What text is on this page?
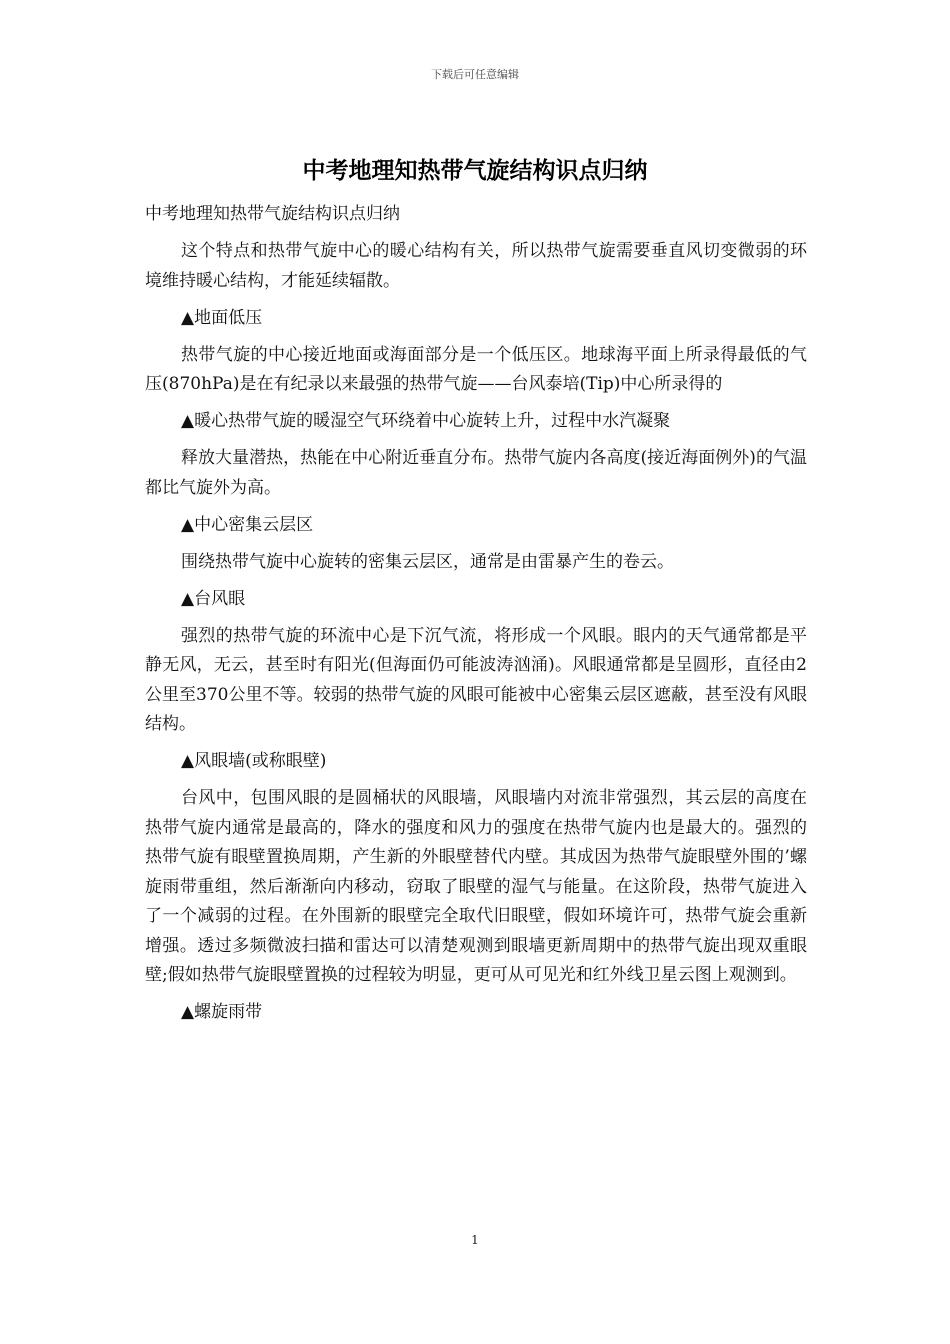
下载后可任意编辑
中考地理知热带气旋结构识点归纳

中考地理知热带气旋结构识点归纳

这个特点和热带气旋中心的暖心结构有关，所以热带气旋需要垂直风切变微弱的环境维持暖心结构，才能延续辐散。

▲地面低压

热带气旋的中心接近地面或海面部分是一个低压区。地球海平面上所录得最低的气压(870hPa)是在有纪录以来最强的热带气旋——台风泰培(Tip)中心所录得的

▲暖心热带气旋的暖湿空气环绕着中心旋转上升，过程中水汽凝聚

释放大量潜热，热能在中心附近垂直分布。热带气旋内各高度(接近海面例外)的气温都比气旋外为高。

▲中心密集云层区

围绕热带气旋中心旋转的密集云层区，通常是由雷暴产生的卷云。

▲台风眼

强烈的热带气旋的环流中心是下沉气流，将形成一个风眼。眼内的天气通常都是平静无风，无云，甚至时有阳光(但海面仍可能波涛汹涌)。风眼通常都是呈圆形，直径由2公里至370公里不等。较弱的热带气旋的风眼可能被中心密集云层区遮蔽，甚至没有风眼结构。

▲风眼墙(或称眼壁)

台风中，包围风眼的是圆桶状的风眼墙，风眼墙内对流非常强烈，其云层的高度在热带气旋内通常是最高的，降水的强度和风力的强度在热带气旋内也是最大的。强烈的热带气旋有眼壁置换周期，产生新的外眼壁替代内壁。其成因为热带气旋眼壁外围的’螺旋雨带重组，然后渐渐向内移动，窃取了眼壁的湿气与能量。在这阶段，热带气旋进入了一个减弱的过程。在外围新的眼壁完全取代旧眼壁，假如环境许可，热带气旋会重新增强。透过多频微波扫描和雷达可以清楚观测到眼墙更新周期中的热带气旋出现双重眼壁;假如热带气旋眼壁置换的过程较为明显，更可从可见光和红外线卫星云图上观测到。

▲螺旋雨带

1
